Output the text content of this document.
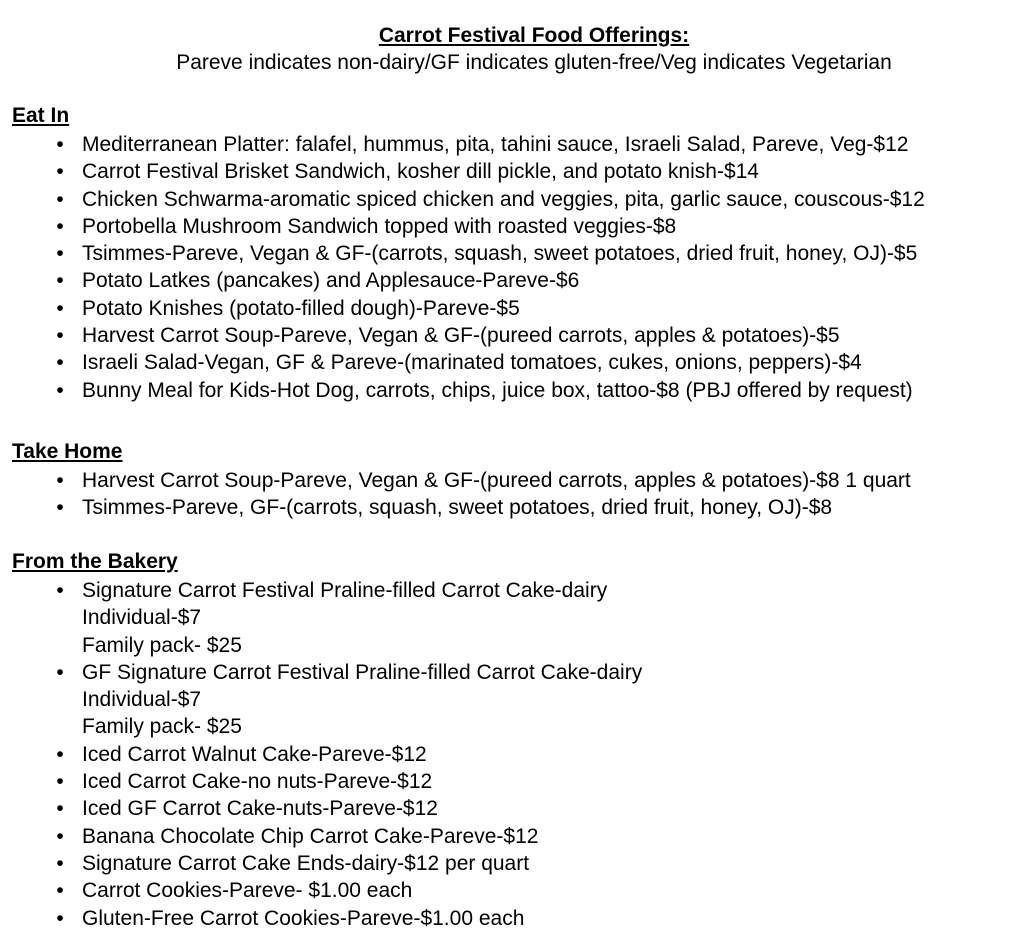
Carrot Festival Food Offerings:
Pareve indicates non-dairy/GF indicates gluten-free/Veg indicates Vegetarian
Eat In
• Mediterranean Platter: falafel, hummus, pita, tahini sauce, Israeli Salad, Pareve, Veg-$12
• Carrot Festival Brisket Sandwich, kosher dill pickle, and potato knish-$14
• Chicken Schwarma-aromatic spiced chicken and veggies, pita, garlic sauce, couscous-$12
• Portobella Mushroom Sandwich topped with roasted veggies-$8
• Tsimmes-Pareve, Vegan & GF-(carrots, squash, sweet potatoes, dried fruit, honey, OJ)-$5
• Potato Latkes (pancakes) and Applesauce-Pareve-$6
• Potato Knishes (potato-filled dough)-Pareve-$5
• Harvest Carrot Soup-Pareve, Vegan & GF-(pureed carrots, apples & potatoes)-$5
• Israeli Salad-Vegan, GF & Pareve-(marinated tomatoes, cukes, onions, peppers)-$4
• Bunny Meal for Kids-Hot Dog, carrots, chips, juice box, tattoo-$8 (PBJ offered by request)
Take Home
• Harvest Carrot Soup-Pareve, Vegan & GF-(pureed carrots, apples & potatoes)-$8 1 quart
• Tsimmes-Pareve, GF-(carrots, squash, sweet potatoes, dried fruit, honey, OJ)-$8
From the Bakery
• Signature Carrot Festival Praline-filled Carrot Cake-dairy
Individual-$7
Family pack- $25
• GF Signature Carrot Festival Praline-filled Carrot Cake-dairy
Individual-$7
Family pack- $25
• Iced Carrot Walnut Cake-Pareve-$12
• Iced Carrot Cake-no nuts-Pareve-$12
• Iced GF Carrot Cake-nuts-Pareve-$12
• Banana Chocolate Chip Carrot Cake-Pareve-$12
• Signature Carrot Cake Ends-dairy-$12 per quart
• Carrot Cookies-Pareve- $1.00 each
• Gluten-Free Carrot Cookies-Pareve-$1.00 each
